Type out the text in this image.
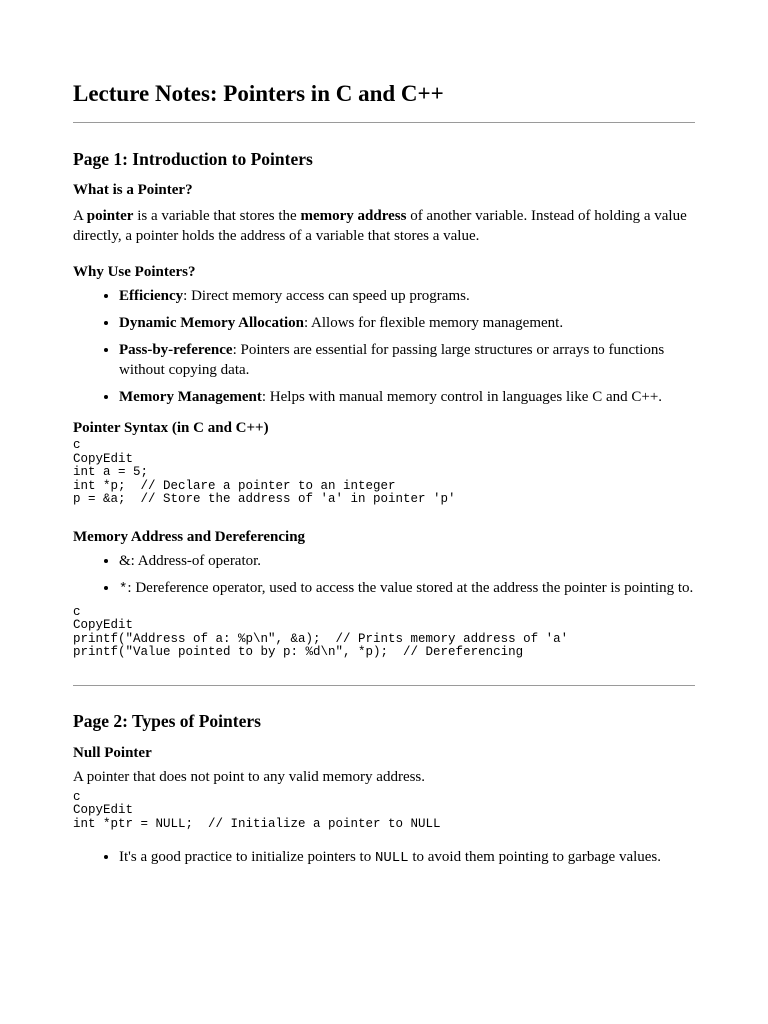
Lecture Notes: Pointers in C and C++
Page 1: Introduction to Pointers
What is a Pointer?

A pointer is a variable that stores the memory address of another variable. Instead of holding a value directly, a pointer holds the address of a variable that stores a value.

Why Use Pointers?
• Efficiency: Direct memory access can speed up programs.
• Dynamic Memory Allocation: Allows for flexible memory management.
• Pass-by-reference: Pointers are essential for passing large structures or arrays to functions without copying data.
• Memory Management: Helps with manual memory control in languages like C and C++.
Pointer Syntax (in C and C++)
c
CopyEdit
int a = 5;
int *p;  // Declare a pointer to an integer
p = &a;  // Store the address of 'a' in pointer 'p'
Memory Address and Dereferencing
• &: Address-of operator.
• *: Dereference operator, used to access the value stored at the address the pointer is pointing to.
c
CopyEdit
printf("Address of a: %p\n", &a);  // Prints memory address of 'a'
printf("Value pointed to by p: %d\n", *p);  // Dereferencing
Page 2: Types of Pointers
Null Pointer

A pointer that does not point to any valid memory address.

c
CopyEdit
int *ptr = NULL;  // Initialize a pointer to NULL
• It's a good practice to initialize pointers to NULL to avoid them pointing to garbage values.
